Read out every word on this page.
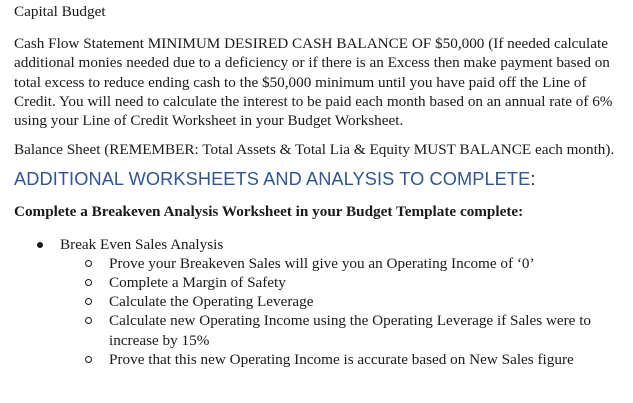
Capital Budget

Cash Flow Statement MINIMUM DESIRED CASH BALANCE OF $50,000 (If needed calculate additional monies needed due to a deficiency or if there is an Excess then make payment based on total excess to reduce ending cash to the $50,000 minimum until you have paid off the Line of Credit. You will need to calculate the interest to be paid each month based on an annual rate of 6% using your Line of Credit Worksheet in your Budget Worksheet.

Balance Sheet (REMEMBER: Total Assets & Total Lia & Equity MUST BALANCE each month).

ADDITIONAL WORKSHEETS AND ANALYSIS TO COMPLETE:

Complete a Breakeven Analysis Worksheet in your Budget Template complete:

Break Even Sales Analysis
Prove your Breakeven Sales will give you an Operating Income of ‘0’
Complete a Margin of Safety
Calculate the Operating Leverage
Calculate new Operating Income using the Operating Leverage if Sales were to increase by 15%
Prove that this new Operating Income is accurate based on New Sales figure
